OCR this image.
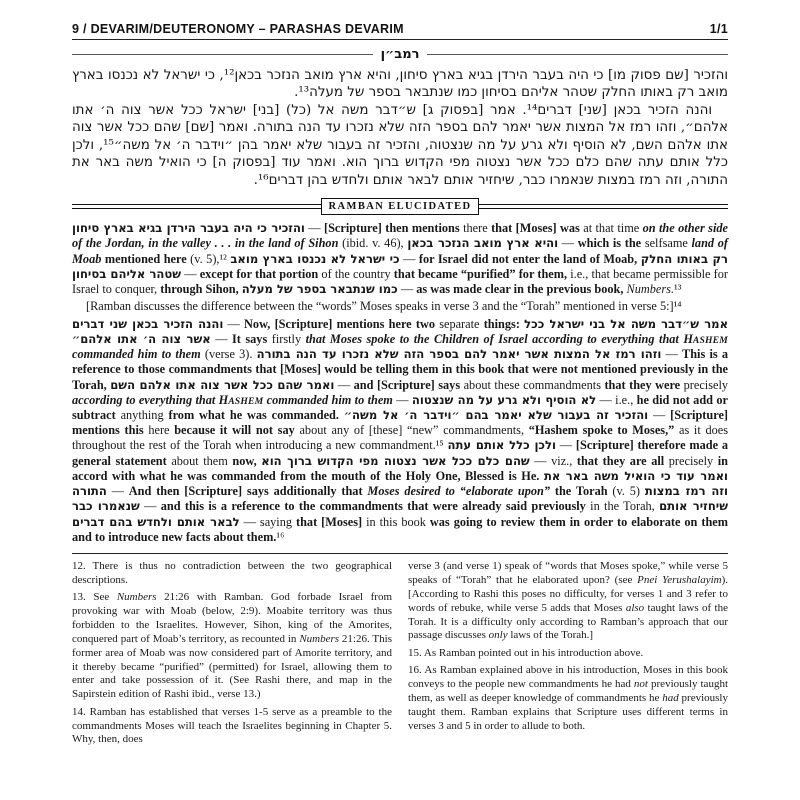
9 / DEVARIM/DEUTERONOMY – PARASHAS DEVARIM	1/1
רמב״ן

והזכיר [שם פסוק מו] כי היה בעבר הירדן בגיא בארץ סיחון, והיא ארץ מואב הנזכר בכאן¹², כי ישראל לא נכנסו בארץ מואב רק באותו החלק שטהר אליהם בסיחון כמו שנתבאר בספר של מעלה¹³.

והנה הזכיר בכאן [שני] דברים¹⁴. אמר [בפסוק ג] ש״דבר משה אל (כל) [בני] ישראל ככל אשר צוה ה׳ אתו אלהם״, וזהו רמז אל המצות אשר יאמר להם בספר הזה שלא נזכרו עד הנה בתורה. ואמר [שם] שהם ככל אשר צוה אתו אלהם השם, לא הוסיף ולא גרע על מה שנצטוה, והזכיר זה בעבור שלא יאמר בהן ״וידבר ה׳ אל משה״¹⁵, ולכן כלל אותם עתה שהם כלם ככל אשר נצטוה מפי הקדוש ברוך הוא. ואמר עוד [בפסוק ה] כי הואיל משה באר את התורה, וזה רמז במצות שנאמרו כבר, שיחזיר אותם לבאר אותם ולחדש בהן דברים¹⁶.

RAMBAN ELUCIDATED

והזכיר כי היה בעבר הירדן בגיא בארץ סיחון — [Scripture] then mentions there that [Moses] was at that time on the other side of the Jordan, in the valley . . . in the land of Sihon (ibid. v. 46), והיא ארץ מואב הנזכר בכאן — which is the selfsame land of Moab mentioned here (v. 5),¹² כי ישראל לא נכנסו בארץ מואב — for Israel did not enter the land of Moab, רק באותו החלק שטהר אליהם בסיחון — except for that portion of the country that became “purified” for them, i.e., that became permissible for Israel to conquer, through Sihon, כמו שנתבאר בספר של מעלה — as was made clear in the previous book, Numbers.¹³

[Ramban discusses the difference between the “words” Moses speaks in verse 3 and the “Torah” mentioned in verse 5:]¹⁴

והנה הזכיר בכאן שני דברים — Now, [Scripture] mentions here two separate things: אמר ש״דבר משה אל בני ישראל ככל אשר צוה ה׳ אתו אלהם״ — It says firstly that Moses spoke to the Children of Israel according to everything that HASHEM commanded him to them (verse 3). וזהו רמז אל המצות אשר יאמר להם בספר הזה שלא נזכרו עד הנה בתורה — This is a reference to those commandments that [Moses] would be telling them in this book that were not mentioned previously in the Torah, ואמר שהם ככל אשר צוה אתו אלהם השם — and [Scripture] says about these commandments that they were precisely according to everything that HASHEM commanded him to them — לא הוסיף ולא גרע על מה שנצטוה — i.e., he did not add or subtract anything from what he was commanded. והזכיר זה בעבור שלא יאמר בהם ״וידבר ה׳ אל משה״ — [Scripture] mentions this here because it will not say about any of [these] “new” commandments, “Hashem spoke to Moses,” as it does throughout the rest of the Torah when introducing a new commandment.¹⁵ ולכן כלל אותם עתה — [Scripture] therefore made a general statement about them now, שהם כלם ככל אשר נצטוה מפי הקדוש ברוך הוא — viz., that they are all precisely in accord with what he was commanded from the mouth of the Holy One, Blessed is He. ואמר עוד כי הואיל משה באר את התורה — And then [Scripture] says additionally that Moses desired to “elaborate upon” the Torah (v. 5) וזה רמז במצות שנאמרו כבר — and this is a reference to the commandments that were already said previously in the Torah, שיחזיר אותם לבאר אותם ולחדש בהם דברים — saying that [Moses] in this book was going to review them in order to elaborate on them and to introduce new facts about them.¹⁶

12. There is thus no contradiction between the two geographical descriptions.

13. See Numbers 21:26 with Ramban. God forbade Israel from provoking war with Moab (below, 2:9). Moabite territory was thus forbidden to the Israelites. However, Sihon, king of the Amorites, conquered part of Moab’s territory, as recounted in Numbers 21:26. This former area of Moab was now considered part of Amorite territory, and it thereby became “purified” (permitted) for Israel, allowing them to enter and take possession of it. (See Rashi there, and map in the Sapirstein edition of Rashi ibid., verse 13.)

14. Ramban has established that verses 1-5 serve as a preamble to the commandments Moses will teach the Israelites beginning in Chapter 5. Why, then, does

verse 3 (and verse 1) speak of “words that Moses spoke,” while verse 5 speaks of “Torah” that he elaborated upon? (see Pnei Yerushalayim). [According to Rashi this poses no difficulty, for verses 1 and 3 refer to words of rebuke, while verse 5 adds that Moses also taught laws of the Torah. It is a difficulty only according to Ramban’s approach that our passage discusses only laws of the Torah.]

15. As Ramban pointed out in his introduction above.

16. As Ramban explained above in his introduction, Moses in this book conveys to the people new commandments he had not previously taught them, as well as deeper knowledge of commandments he had previously taught them. Ramban explains that Scripture uses different terms in verses 3 and 5 in order to allude to both.
